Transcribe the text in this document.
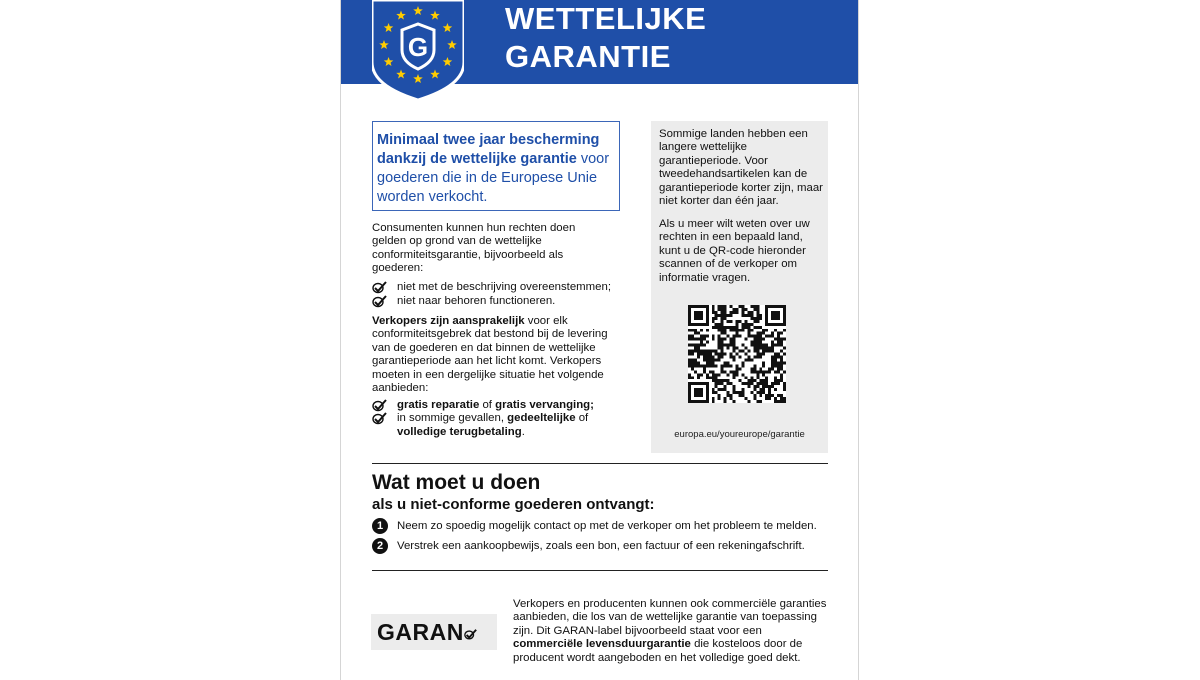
G
WETTELIJKE
GARANTIE
Minimaal twee jaar bescherming dankzij de wettelijke garantie voor goederen die in de Europese Unie worden verkocht.
Consumenten kunnen hun rechten doen gelden op grond van de wettelijke conformiteitsgarantie, bijvoorbeeld als goederen:
niet met de beschrijving overeenstemmen;
niet naar behoren functioneren.
Verkopers zijn aansprakelijk voor elk conformiteitsgebrek dat bestond bij de levering van de goederen en dat binnen de wettelijke garantieperiode aan het licht komt. Verkopers moeten in een dergelijke situatie het volgende aanbieden:
gratis reparatie of gratis vervanging;
in sommige gevallen, gedeeltelijke of volledige terugbetaling.
Sommige landen hebben een langere wettelijke garantieperiode. Voor tweedehandsartikelen kan de garantieperiode korter zijn, maar niet korter dan één jaar.
Als u meer wilt weten over uw rechten in een bepaald land, kunt u de QR-code hieronder scannen of de verkoper om informatie vragen.
europa.eu/youreurope/garantie
Wat moet u doen
als u niet-conforme goederen ontvangt:
1	Neem zo spoedig mogelijk contact op met de verkoper om het probleem te melden.
2	Verstrek een aankoopbewijs, zoals een bon, een factuur of een rekeningafschrift.
GARAN
Verkopers en producenten kunnen ook commerciële garanties aanbieden, die los van de wettelijke garantie van toepassing zijn. Dit GARAN-label bijvoorbeeld staat voor een commerciële levensduurgarantie die kosteloos door de producent wordt aangeboden en het volledige goed dekt.
